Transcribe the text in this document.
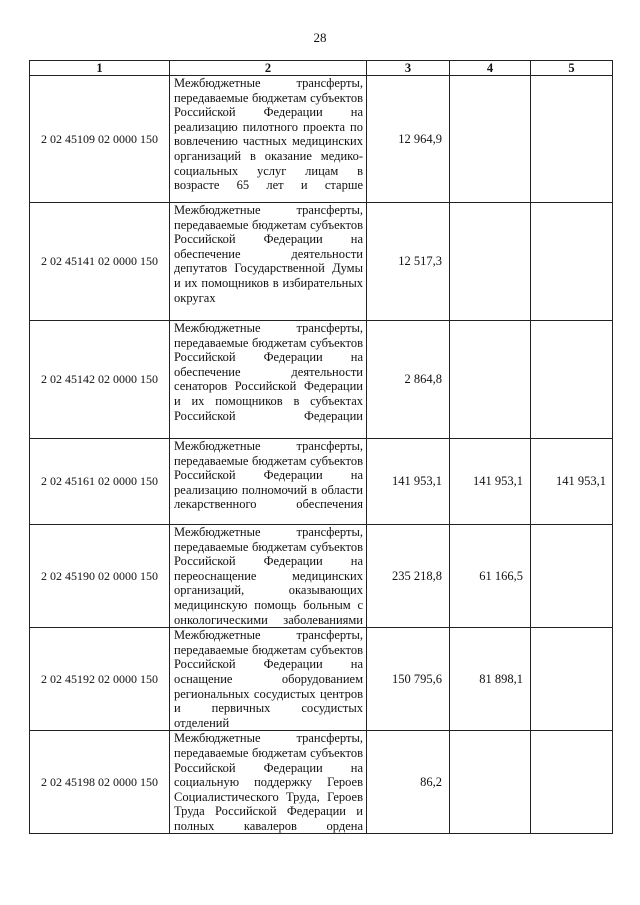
28
1	2	3	4	5
2 02 45109 02 0000 150	Межбюджетные трансферты, передаваемые бюджетам субъектов Российской Федерации на реализацию пилотного проекта по вовлечению частных медицинских организаций в оказание медико-социальных услуг лицам в возрасте 65 лет и старше	12 964,9		
2 02 45141 02 0000 150	Межбюджетные трансферты, передаваемые бюджетам субъектов Российской Федерации на обеспечение деятельности депутатов Государственной Думы и их помощников в избирательных округах	12 517,3		
2 02 45142 02 0000 150	Межбюджетные трансферты, передаваемые бюджетам субъектов Российской Федерации на обеспечение деятельности сенаторов Российской Федерации и их помощников в субъектах Российской Федерации	2 864,8		
2 02 45161 02 0000 150	Межбюджетные трансферты, передаваемые бюджетам субъектов Российской Федерации на реализацию полномочий в области лекарственного обеспечения	141 953,1	141 953,1	141 953,1
2 02 45190 02 0000 150	Межбюджетные трансферты, передаваемые бюджетам субъектов Российской Федерации на переоснащение медицинских организаций, оказывающих медицинскую помощь больным с онкологическими заболеваниями	235 218,8	61 166,5	
2 02 45192 02 0000 150	Межбюджетные трансферты, передаваемые бюджетам субъектов Российской Федерации на оснащение оборудованием региональных сосудистых центров и первичных сосудистых отделений	150 795,6	81 898,1	
2 02 45198 02 0000 150	Межбюджетные трансферты, передаваемые бюджетам субъектов Российской Федерации на социальную поддержку Героев Социалистического Труда, Героев Труда Российской Федерации и полных кавалеров ордена	86,2		
